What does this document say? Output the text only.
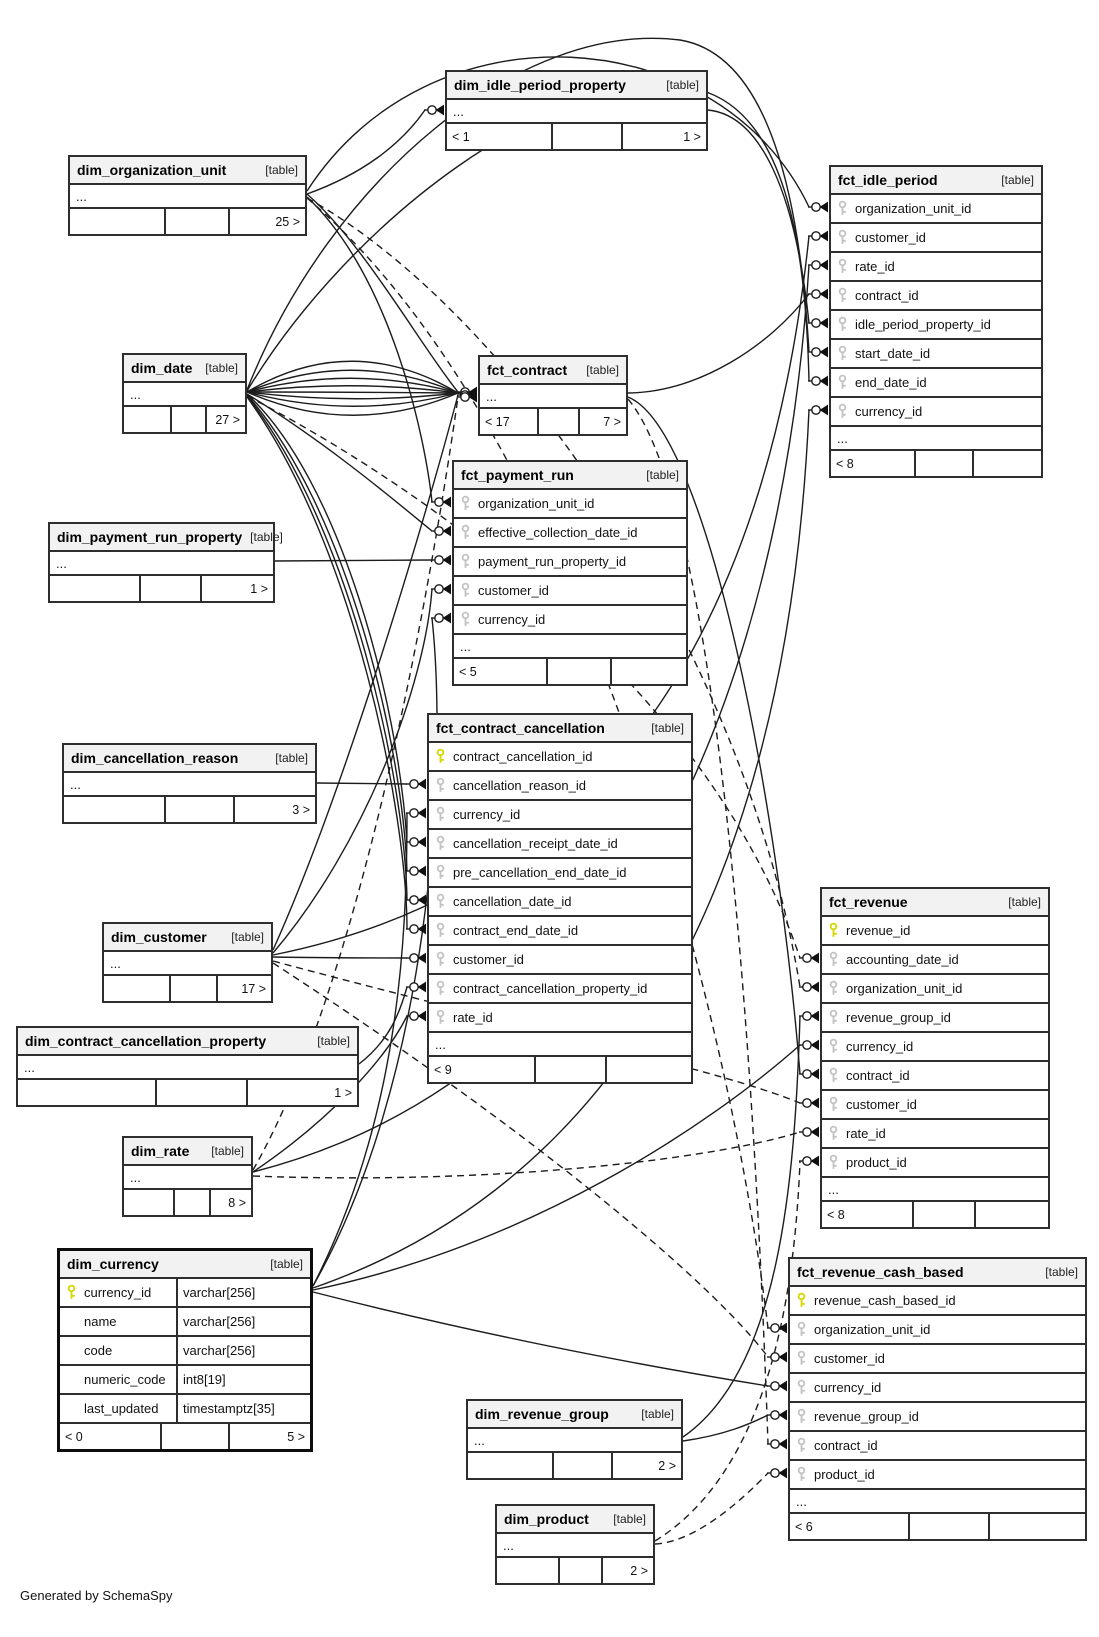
dim_idle_period_property	[table]
...
< 1	1 >
dim_organization_unit	[table]
...
25 >
fct_idle_period	[table]
organization_unit_id
customer_id
rate_id
contract_id
idle_period_property_id
start_date_id
end_date_id
currency_id
...
< 8
dim_date [table]
...
27 >
fct_contract [table]
...
< 17	7 >
fct_payment_run	[table]
organization_unit_id
effective_collection_date_id
payment_run_property_id
customer_id
currency_id
...
< 5
dim_payment_run_property [table]
...
1 >
dim_cancellation_reason	[table]
...
3 >
fct_contract_cancellation	[table]
contract_cancellation_id
cancellation_reason_id
currency_id
cancellation_receipt_date_id
pre_cancellation_end_date_id
cancellation_date_id
contract_end_date_id
customer_id
contract_cancellation_property_id
rate_id
...
< 9
dim_customer [table]
...
17 >
dim_contract_cancellation_property	[table]
...
1 >
dim_rate [table]
...
8 >
dim_currency	[table]
currency_id varchar[256]
name	varchar[256]
code	varchar[256]
numeric_code int8[19]
last_updated timestamptz[35]
< 0	5 >
fct_revenue	[table]
revenue_id
accounting_date_id
organization_unit_id
revenue_group_id
currency_id
contract_id
customer_id
rate_id
product_id
...
< 8
fct_revenue_cash_based	[table]
revenue_cash_based_id
organization_unit_id
customer_id
currency_id
revenue_group_id
contract_id
product_id
...
< 6
dim_revenue_group	[table]
...
2 >
dim_product [table]
...
2 >
Generated by SchemaSpy
